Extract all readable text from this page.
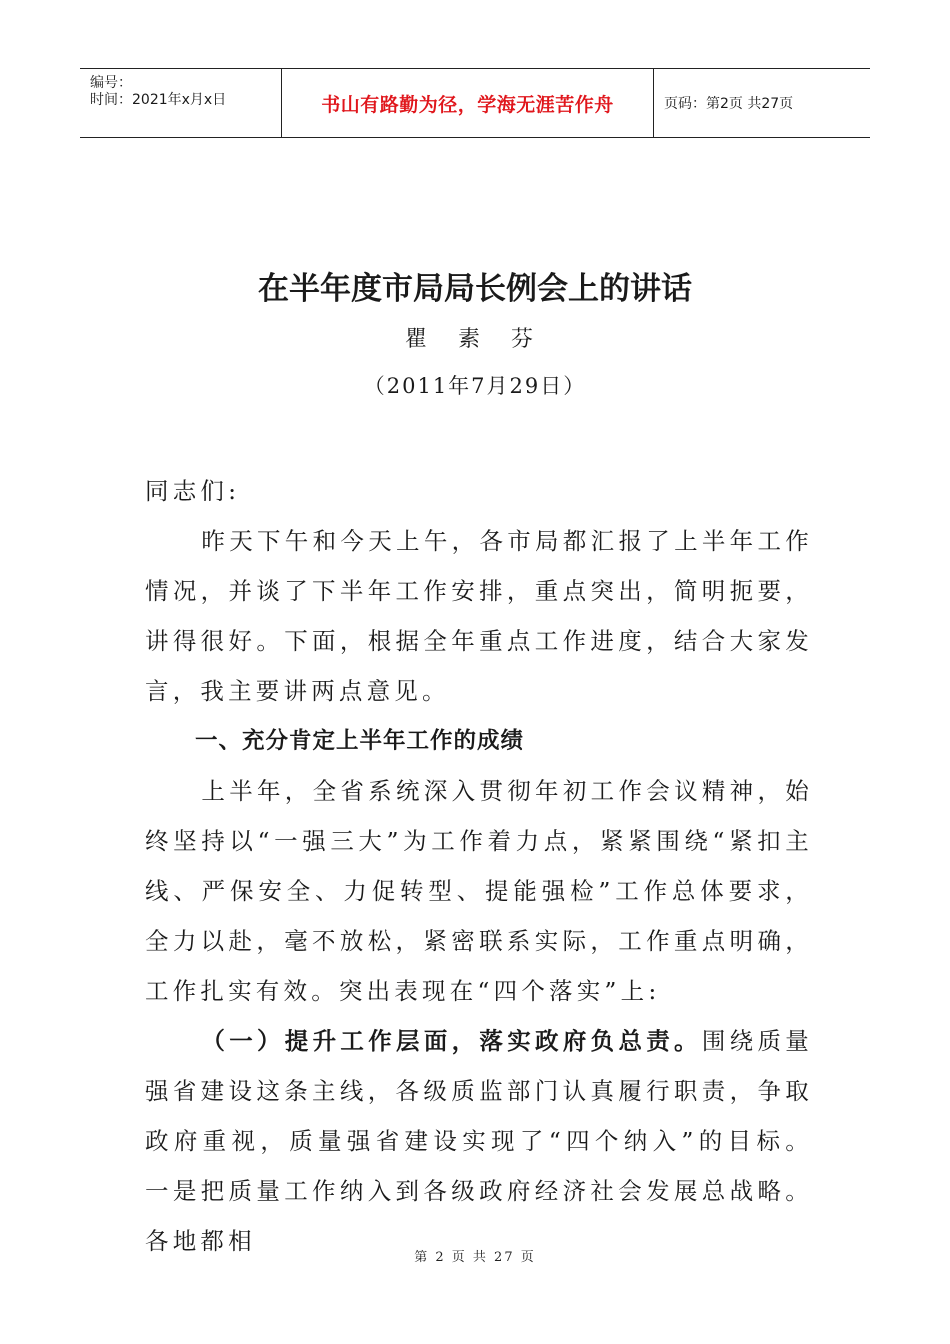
编号：
时间：2021年x月x日	书山有路勤为径，学海无涯苦作舟	页码：第2页 共27页
在半年度市局局长例会上的讲话
瞿 素 芬
（2011年7月29日）

同志们:

昨天下午和今天上午，各市局都汇报了上半年工作情况，并谈了下半年工作安排，重点突出，简明扼要，讲得很好。下面，根据全年重点工作进度，结合大家发言，我主要讲两点意见。

一、充分肯定上半年工作的成绩

上半年，全省系统深入贯彻年初工作会议精神，始终坚持以“一强三大”为工作着力点，紧紧围绕“紧扣主线、严保安全、力促转型、提能强检”工作总体要求，全力以赴，毫不放松，紧密联系实际，工作重点明确，工作扎实有效。突出表现在“四个落实”上:

（一）提升工作层面，落实政府负总责。围绕质量强省建设这条主线，各级质监部门认真履行职责，争取政府重视，质量强省建设实现了“四个纳入”的目标。一是把质量工作纳入到各级政府经济社会发展总战略。各地都相

第 2 页 共 27 页
